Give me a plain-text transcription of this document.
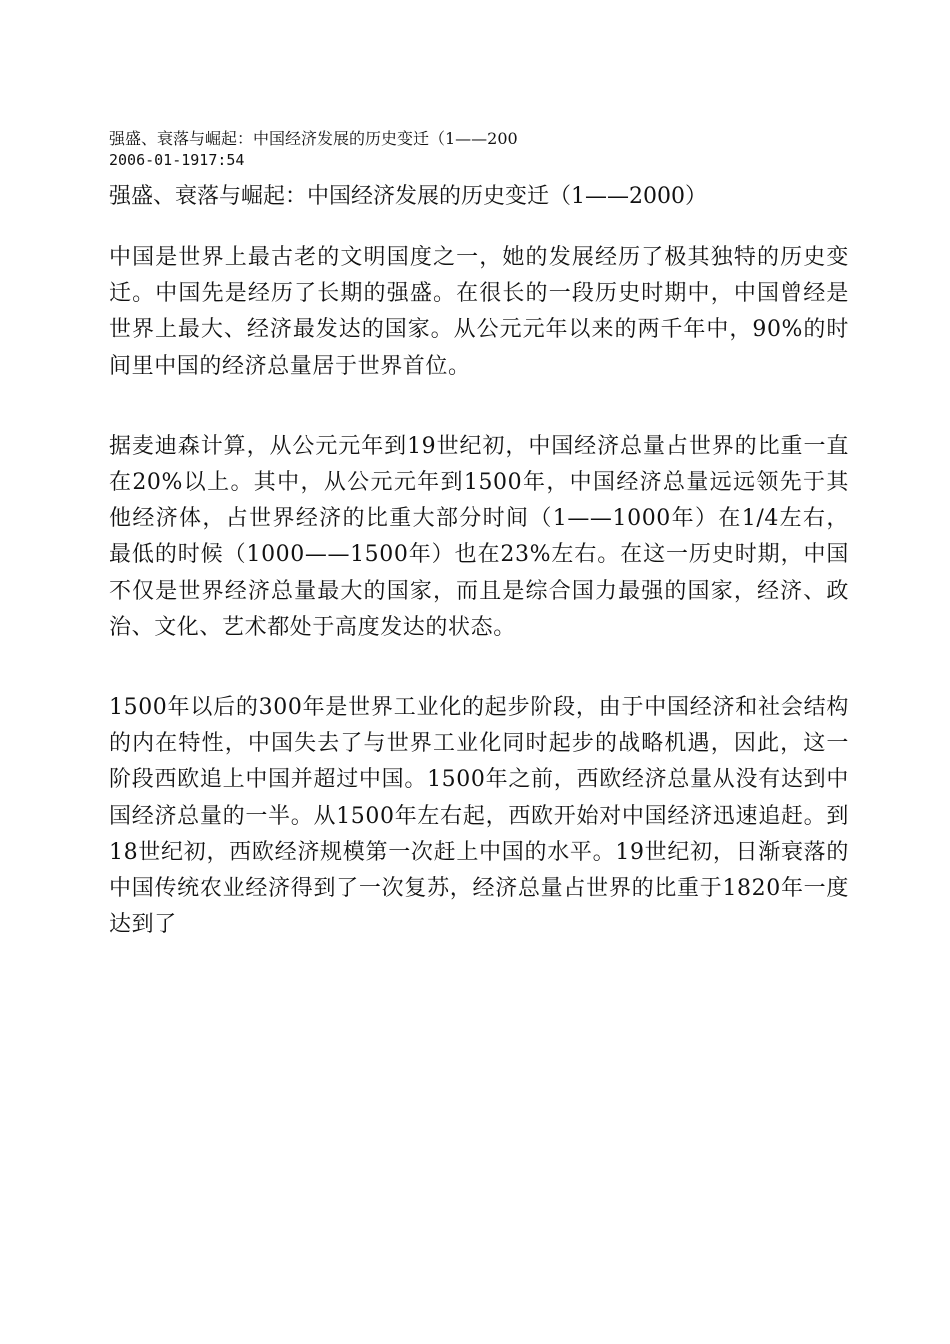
强盛、衰落与崛起：中国经济发展的历史变迁（1——200

2006-01-1917:54

强盛、衰落与崛起：中国经济发展的历史变迁（1——2000）

中国是世界上最古老的文明国度之一，她的发展经历了极其独特的历史变迁。中国先是经历了长期的强盛。在很长的一段历史时期中，中国曾经是世界上最大、经济最发达的国家。从公元元年以来的两千年中，90%的时间里中国的经济总量居于世界首位。

据麦迪森计算，从公元元年到19世纪初，中国经济总量占世界的比重一直在20%以上。其中，从公元元年到1500年，中国经济总量远远领先于其他经济体，占世界经济的比重大部分时间（1——1000年）在1/4左右，最低的时候（1000——1500年）也在23%左右。在这一历史时期，中国不仅是世界经济总量最大的国家，而且是综合国力最强的国家，经济、政治、文化、艺术都处于高度发达的状态。

1500年以后的300年是世界工业化的起步阶段，由于中国经济和社会结构的内在特性，中国失去了与世界工业化同时起步的战略机遇，因此，这一阶段西欧追上中国并超过中国。1500年之前，西欧经济总量从没有达到中国经济总量的一半。从1500年左右起，西欧开始对中国经济迅速追赶。到18世纪初，西欧经济规模第一次赶上中国的水平。19世纪初，日渐衰落的中国传统农业经济得到了一次复苏，经济总量占世界的比重于1820年一度达到了
